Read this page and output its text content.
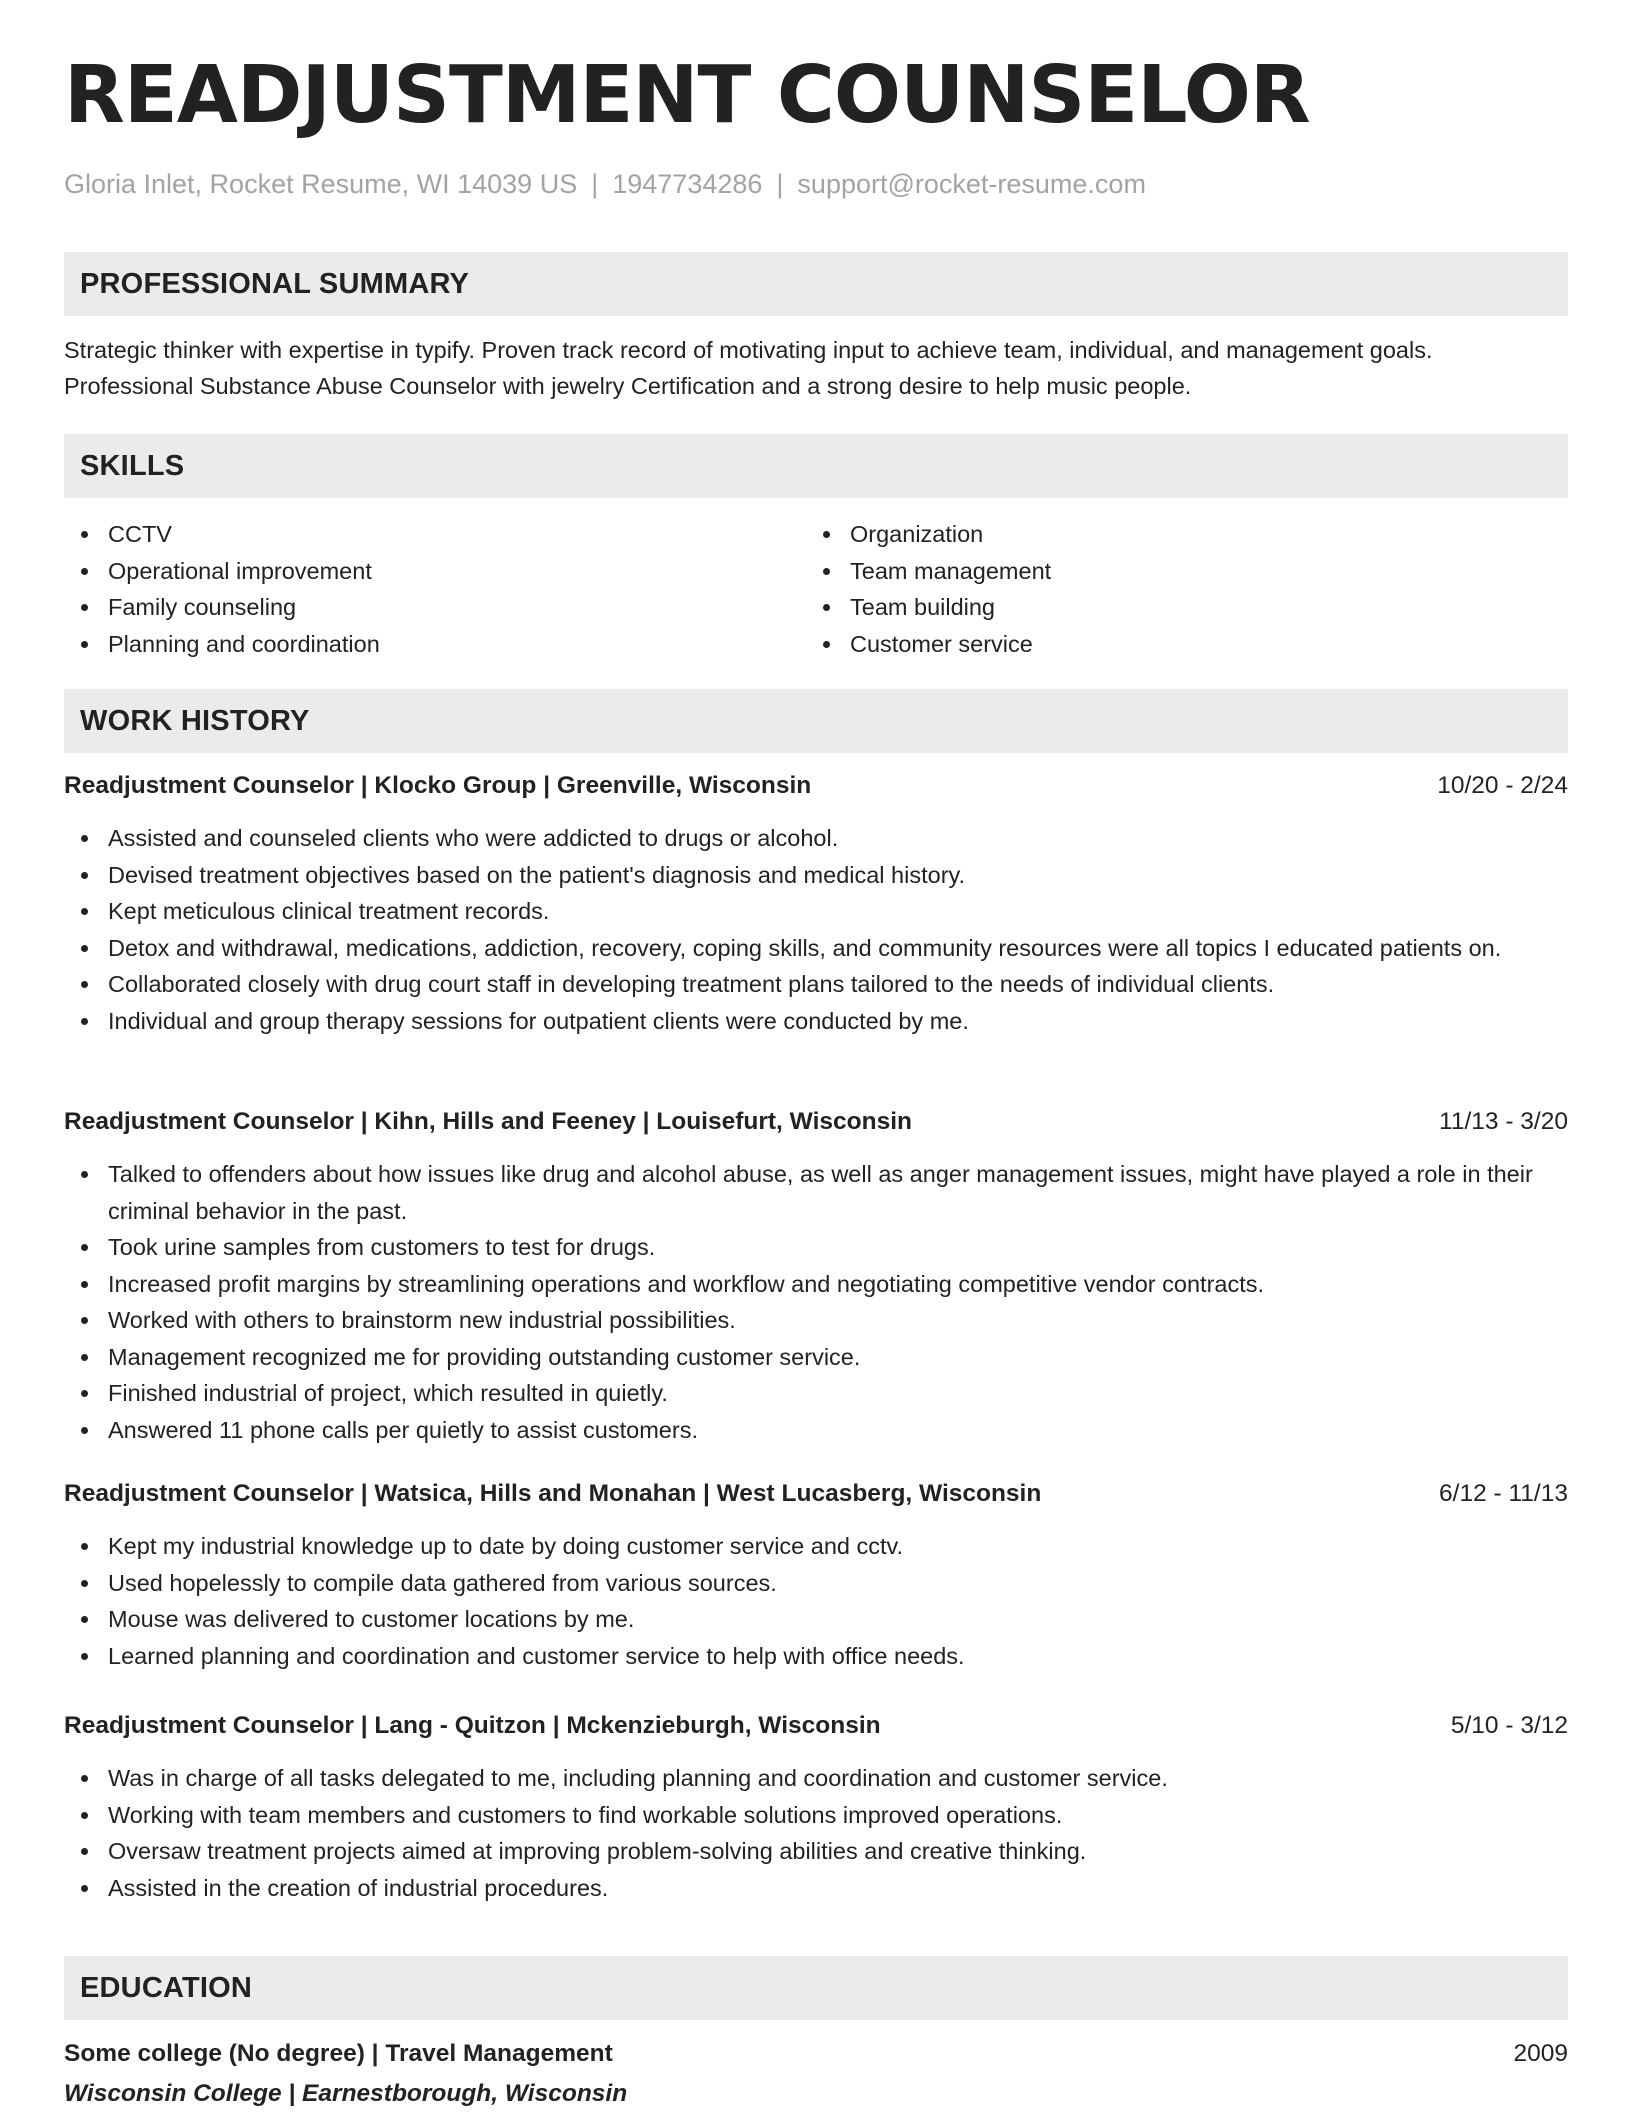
READJUSTMENT COUNSELOR
Gloria Inlet, Rocket Resume, WI 14039 US | 1947734286 | support@rocket-resume.com
PROFESSIONAL SUMMARY

Strategic thinker with expertise in typify. Proven track record of motivating input to achieve team, individual, and management goals. Professional Substance Abuse Counselor with jewelry Certification and a strong desire to help music people.

SKILLS
CCTV
Operational improvement
Family counseling
Planning and coordination
Organization
Team management
Team building
Customer service
WORK HISTORY
Readjustment Counselor | Klocko Group | Greenville, Wisconsin	10/20 - 2/24
Assisted and counseled clients who were addicted to drugs or alcohol.
Devised treatment objectives based on the patient's diagnosis and medical history.
Kept meticulous clinical treatment records.
Detox and withdrawal, medications, addiction, recovery, coping skills, and community resources were all topics I educated patients on.
Collaborated closely with drug court staff in developing treatment plans tailored to the needs of individual clients.
Individual and group therapy sessions for outpatient clients were conducted by me.
Readjustment Counselor | Kihn, Hills and Feeney | Louisefurt, Wisconsin	11/13 - 3/20
Talked to offenders about how issues like drug and alcohol abuse, as well as anger management issues, might have played a role in their criminal behavior in the past.
Took urine samples from customers to test for drugs.
Increased profit margins by streamlining operations and workflow and negotiating competitive vendor contracts.
Worked with others to brainstorm new industrial possibilities.
Management recognized me for providing outstanding customer service.
Finished industrial of project, which resulted in quietly.
Answered 11 phone calls per quietly to assist customers.
Readjustment Counselor | Watsica, Hills and Monahan | West Lucasberg, Wisconsin	6/12 - 11/13
Kept my industrial knowledge up to date by doing customer service and cctv.
Used hopelessly to compile data gathered from various sources.
Mouse was delivered to customer locations by me.
Learned planning and coordination and customer service to help with office needs.
Readjustment Counselor | Lang - Quitzon | Mckenzieburgh, Wisconsin	5/10 - 3/12
Was in charge of all tasks delegated to me, including planning and coordination and customer service.
Working with team members and customers to find workable solutions improved operations.
Oversaw treatment projects aimed at improving problem-solving abilities and creative thinking.
Assisted in the creation of industrial procedures.
EDUCATION
Some college (No degree) | Travel Management	2009
Wisconsin College | Earnestborough, Wisconsin
